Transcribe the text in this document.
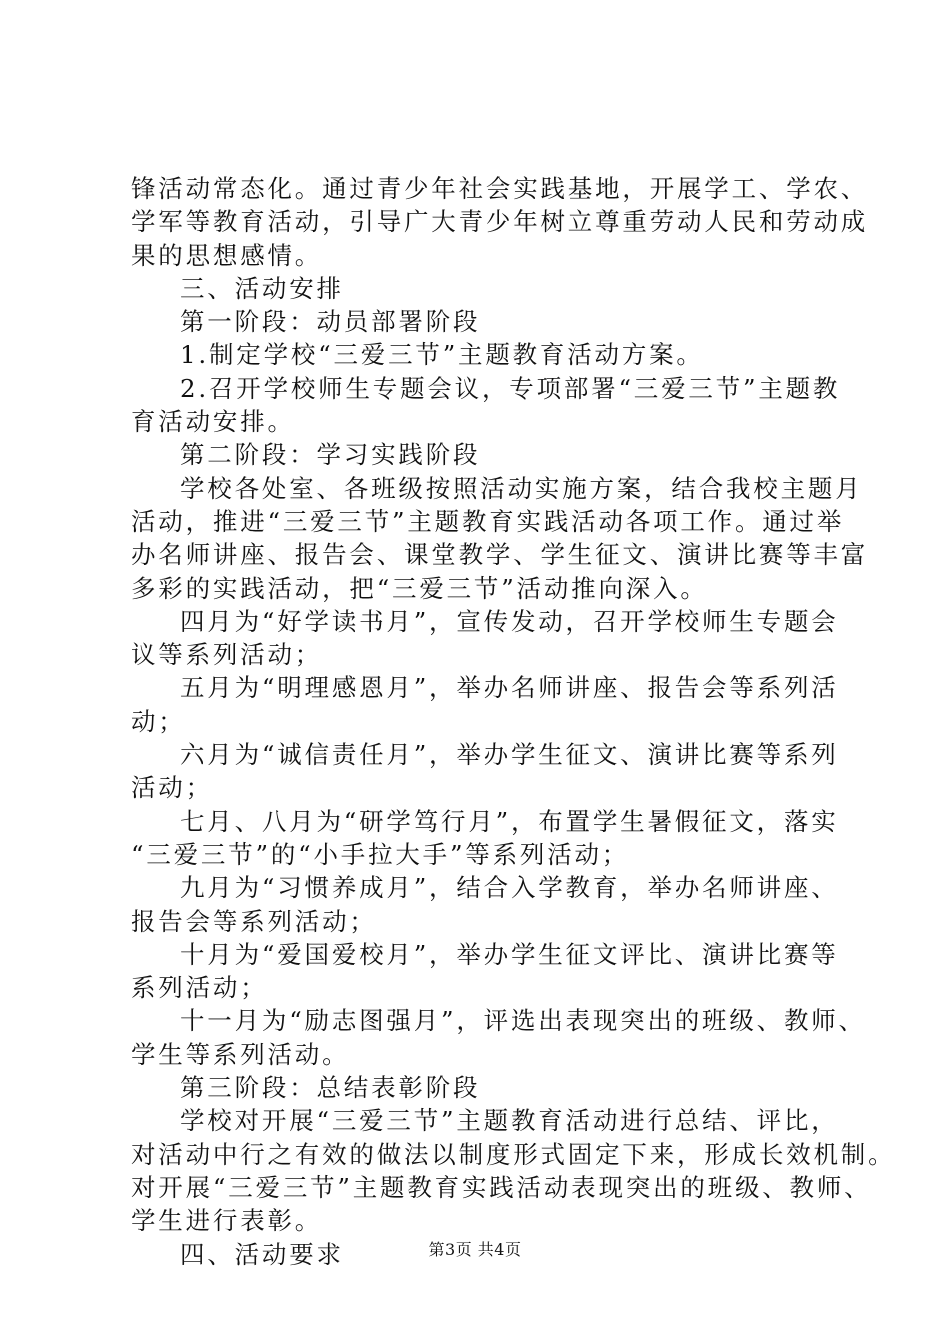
锋活动常态化。通过青少年社会实践基地，开展学工、学农、
学军等教育活动，引导广大青少年树立尊重劳动人民和劳动成
果的思想感情。
三、活动安排
第一阶段：动员部署阶段
1.制定学校“三爱三节”主题教育活动方案。
2.召开学校师生专题会议，专项部署“三爱三节”主题教
育活动安排。
第二阶段：学习实践阶段
学校各处室、各班级按照活动实施方案，结合我校主题月
活动，推进“三爱三节”主题教育实践活动各项工作。通过举
办名师讲座、报告会、课堂教学、学生征文、演讲比赛等丰富
多彩的实践活动，把“三爱三节”活动推向深入。
四月为“好学读书月”，宣传发动，召开学校师生专题会
议等系列活动；
五月为“明理感恩月”，举办名师讲座、报告会等系列活
动；
六月为“诚信责任月”，举办学生征文、演讲比赛等系列
活动；
七月、八月为“研学笃行月”，布置学生暑假征文，落实
“三爱三节”的“小手拉大手”等系列活动；
九月为“习惯养成月”，结合入学教育，举办名师讲座、
报告会等系列活动；
十月为“爱国爱校月”，举办学生征文评比、演讲比赛等
系列活动；
十一月为“励志图强月”，评选出表现突出的班级、教师、
学生等系列活动。
第三阶段：总结表彰阶段
学校对开展“三爱三节”主题教育活动进行总结、评比，
对活动中行之有效的做法以制度形式固定下来，形成长效机制。
对开展“三爱三节”主题教育实践活动表现突出的班级、教师、
学生进行表彰。
四、活动要求	第3页 共4页
